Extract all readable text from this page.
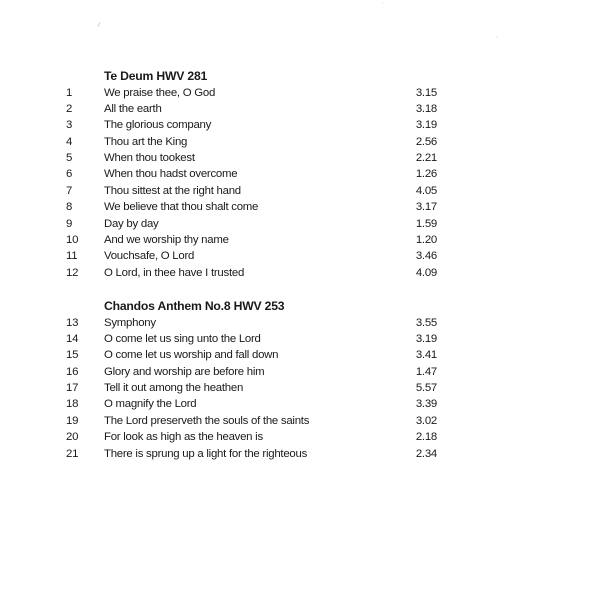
Te Deum HWV 281
1	We praise thee, O God	3.15
2	All the earth	3.18
3	The glorious company	3.19
4	Thou art the King	2.56
5	When thou tookest	2.21
6	When thou hadst overcome	1.26
7	Thou sittest at the right hand	4.05
8	We believe that thou shalt come	3.17
9	Day by day	1.59
10	And we worship thy name	1.20
11	Vouchsafe, O Lord	3.46
12	O Lord, in thee have I trusted	4.09
Chandos Anthem No.8 HWV 253
13	Symphony	3.55
14	O come let us sing unto the Lord	3.19
15	O come let us worship and fall down	3.41
16	Glory and worship are before him	1.47
17	Tell it out among the heathen	5.57
18	O magnify the Lord	3.39
19	The Lord preserveth the souls of the saints	3.02
20	For look as high as the heaven is	2.18
21	There is sprung up a light for the righteous	2.34
